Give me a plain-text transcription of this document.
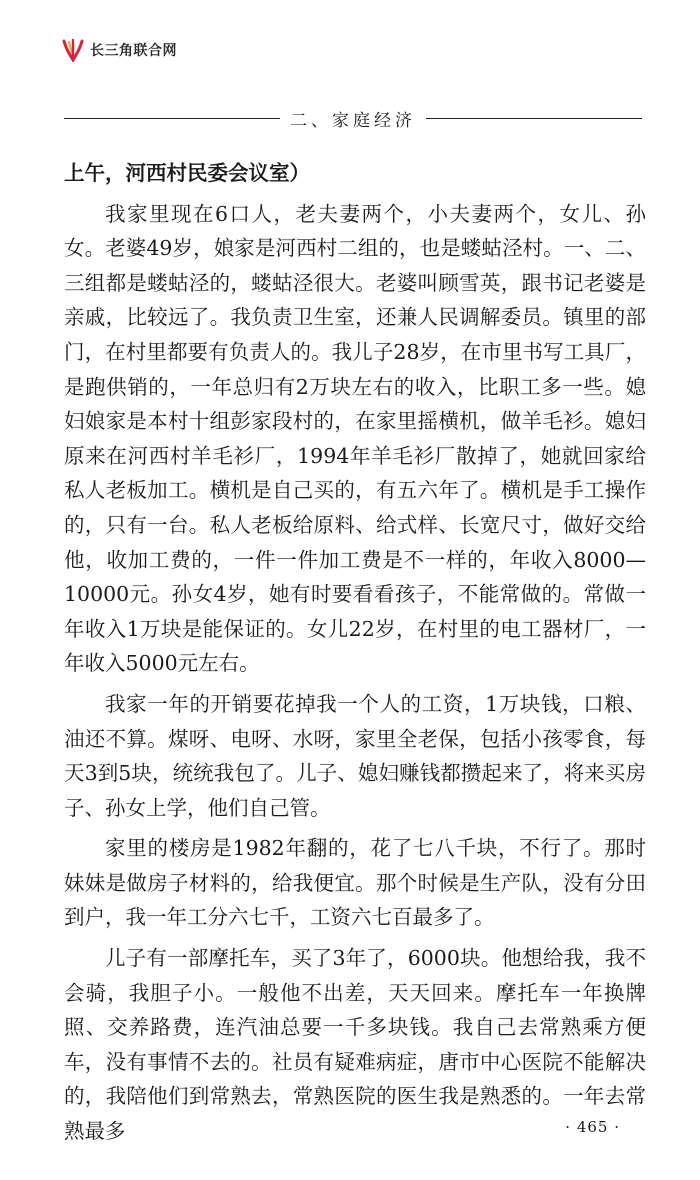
长三角联合网
二、家庭经济

上午，河西村民委会议室）

我家里现在6口人，老夫妻两个，小夫妻两个，女儿、孙女。老婆49岁，娘家是河西村二组的，也是蝼蛄泾村。一、二、三组都是蝼蛄泾的，蝼蛄泾很大。老婆叫顾雪英，跟书记老婆是亲戚，比较远了。我负责卫生室，还兼人民调解委员。镇里的部门，在村里都要有负责人的。我儿子28岁，在市里书写工具厂，是跑供销的，一年总归有2万块左右的收入，比职工多一些。媳妇娘家是本村十组彭家段村的，在家里摇横机，做羊毛衫。媳妇原来在河西村羊毛衫厂，1994年羊毛衫厂散掉了，她就回家给私人老板加工。横机是自己买的，有五六年了。横机是手工操作的，只有一台。私人老板给原料、给式样、长宽尺寸，做好交给他，收加工费的，一件一件加工费是不一样的，年收入8000—10000元。孙女4岁，她有时要看看孩子，不能常做的。常做一年收入1万块是能保证的。女儿22岁，在村里的电工器材厂，一年收入5000元左右。

我家一年的开销要花掉我一个人的工资，1万块钱，口粮、油还不算。煤呀、电呀、水呀，家里全老保，包括小孩零食，每天3到5块，统统我包了。儿子、媳妇赚钱都攒起来了，将来买房子、孙女上学，他们自己管。

家里的楼房是1982年翻的，花了七八千块，不行了。那时妹妹是做房子材料的，给我便宜。那个时候是生产队，没有分田到户，我一年工分六七千，工资六七百最多了。

儿子有一部摩托车，买了3年了，6000块。他想给我，我不会骑，我胆子小。一般他不出差，天天回来。摩托车一年换牌照、交养路费，连汽油总要一千多块钱。我自己去常熟乘方便车，没有事情不去的。社员有疑难病症，唐市中心医院不能解决的，我陪他们到常熟去，常熟医院的医生我是熟悉的。一年去常熟最多	· 465 ·
